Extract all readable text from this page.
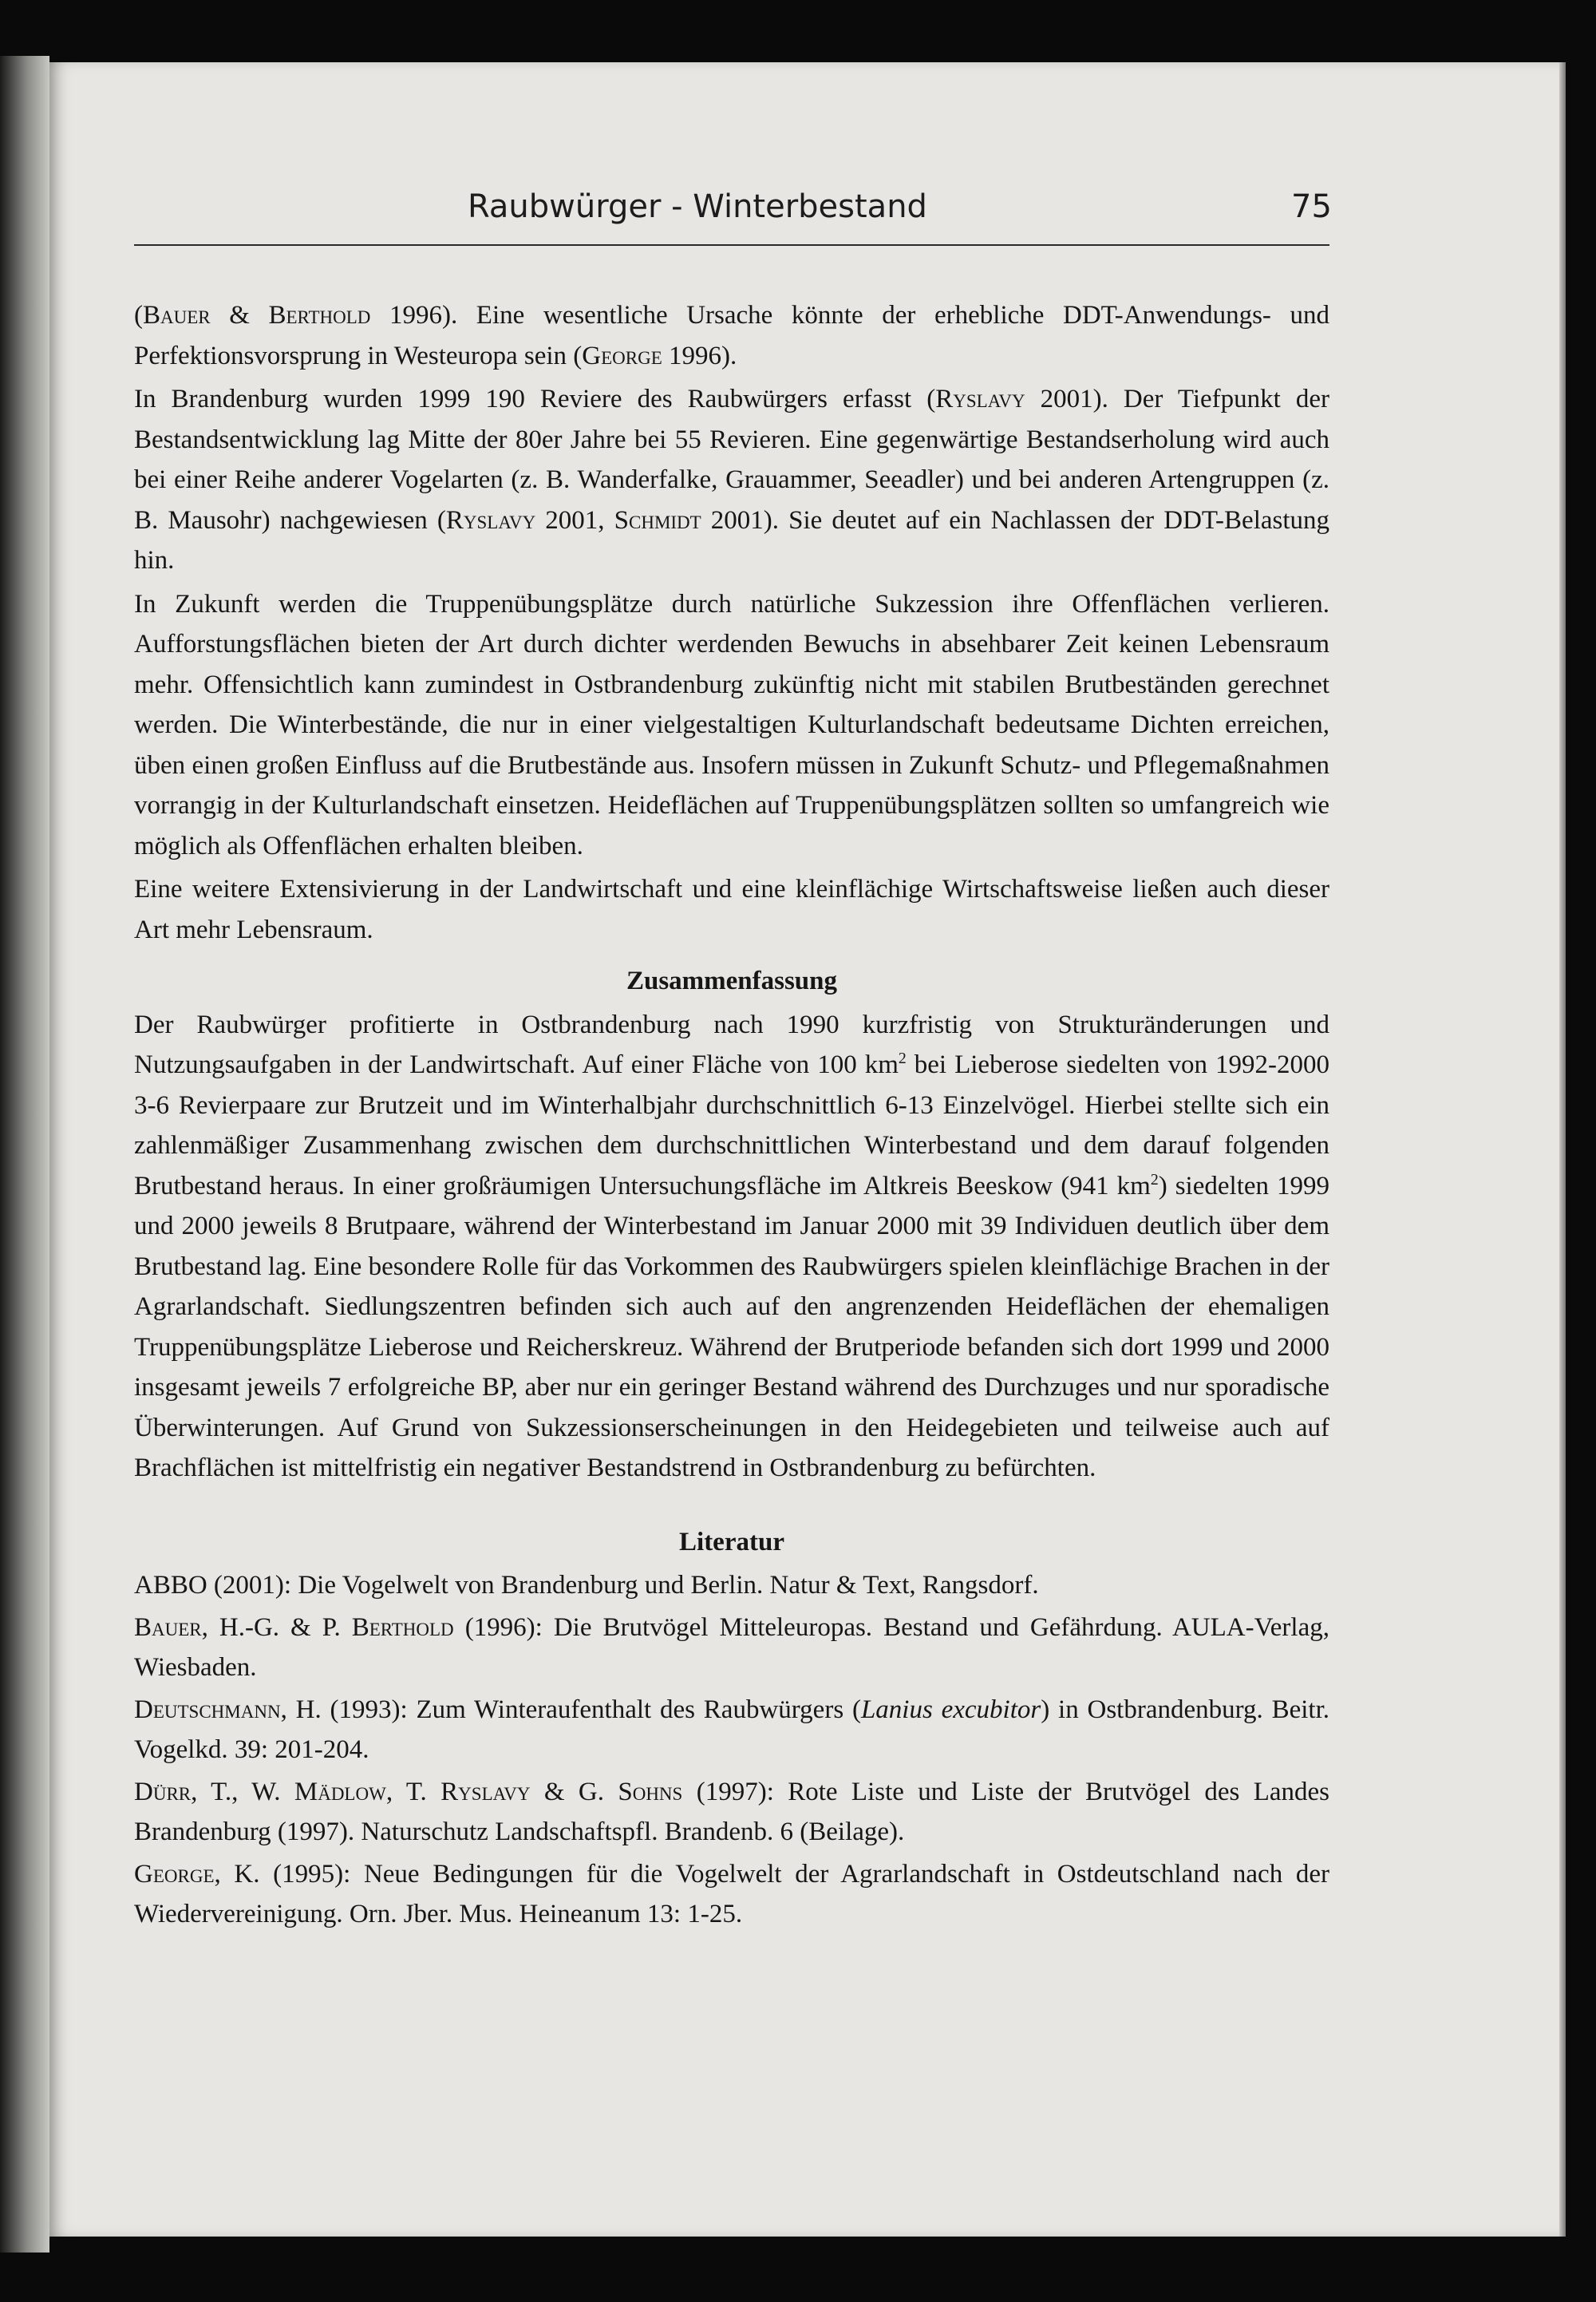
Raubwürger - Winterbestand	75

(Bauer & Berthold 1996). Eine wesentliche Ursache könnte der erhebliche DDT-Anwendungs- und Perfektionsvorsprung in Westeuropa sein (George 1996).

In Brandenburg wurden 1999 190 Reviere des Raubwürgers erfasst (Ryslavy 2001). Der Tiefpunkt der Bestandsentwicklung lag Mitte der 80er Jahre bei 55 Revieren. Eine gegenwärtige Bestandserholung wird auch bei einer Reihe anderer Vogelarten (z. B. Wanderfalke, Grauammer, Seeadler) und bei anderen Artengruppen (z. B. Mausohr) nachgewiesen (Ryslavy 2001, Schmidt 2001). Sie deutet auf ein Nachlassen der DDT-Belastung hin.

In Zukunft werden die Truppenübungsplätze durch natürliche Sukzession ihre Offenflächen verlieren. Aufforstungsflächen bieten der Art durch dichter werdenden Bewuchs in absehbarer Zeit keinen Lebensraum mehr. Offensichtlich kann zumindest in Ostbrandenburg zukünftig nicht mit stabilen Brutbeständen gerechnet werden. Die Winterbestände, die nur in einer vielgestaltigen Kulturlandschaft bedeutsame Dichten erreichen, üben einen großen Einfluss auf die Brutbestände aus. Insofern müssen in Zukunft Schutz- und Pflegemaßnahmen vorrangig in der Kulturlandschaft einsetzen. Heideflächen auf Truppenübungsplätzen sollten so umfangreich wie möglich als Offenflächen erhalten bleiben.

Eine weitere Extensivierung in der Landwirtschaft und eine kleinflächige Wirtschaftsweise ließen auch dieser Art mehr Lebensraum.

Zusammenfassung

Der Raubwürger profitierte in Ostbrandenburg nach 1990 kurzfristig von Strukturänderungen und Nutzungsaufgaben in der Landwirtschaft. Auf einer Fläche von 100 $km^2$ bei Lieberose siedelten von 1992-2000 3-6 Revierpaare zur Brutzeit und im Winterhalbjahr durchschnittlich 6-13 Einzelvögel. Hierbei stellte sich ein zahlenmäßiger Zusammenhang zwischen dem durchschnittlichen Winterbestand und dem darauf folgenden Brutbestand heraus. In einer großräumigen Untersuchungsfläche im Altkreis Beeskow (941 $km^2$) siedelten 1999 und 2000 jeweils 8 Brutpaare, während der Winterbestand im Januar 2000 mit 39 Individuen deutlich über dem Brutbestand lag. Eine besondere Rolle für das Vorkommen des Raubwürgers spielen kleinflächige Brachen in der Agrarlandschaft. Siedlungszentren befinden sich auch auf den angrenzenden Heideflächen der ehemaligen Truppenübungsplätze Lieberose und Reicherskreuz. Während der Brutperiode befanden sich dort 1999 und 2000 insgesamt jeweils 7 erfolgreiche BP, aber nur ein geringer Bestand während des Durchzuges und nur sporadische Überwinterungen. Auf Grund von Sukzessionserscheinungen in den Heidegebieten und teilweise auch auf Brachflächen ist mittelfristig ein negativer Bestandstrend in Ostbrandenburg zu befürchten.

Literatur

ABBO (2001): Die Vogelwelt von Brandenburg und Berlin. Natur & Text, Rangsdorf.

Bauer, H.-G. & P. Berthold (1996): Die Brutvögel Mitteleuropas. Bestand und Gefährdung. AULA-Verlag, Wiesbaden.

Deutschmann, H. (1993): Zum Winteraufenthalt des Raubwürgers (Lanius excubitor) in Ostbrandenburg. Beitr. Vogelkd. 39: 201-204.

Dürr, T., W. Mädlow, T. Ryslavy & G. Sohns (1997): Rote Liste und Liste der Brutvögel des Landes Brandenburg (1997). Naturschutz Landschaftspfl. Brandenb. 6 (Beilage).

George, K. (1995): Neue Bedingungen für die Vogelwelt der Agrarlandschaft in Ostdeutschland nach der Wiedervereinigung. Orn. Jber. Mus. Heineanum 13: 1-25.
